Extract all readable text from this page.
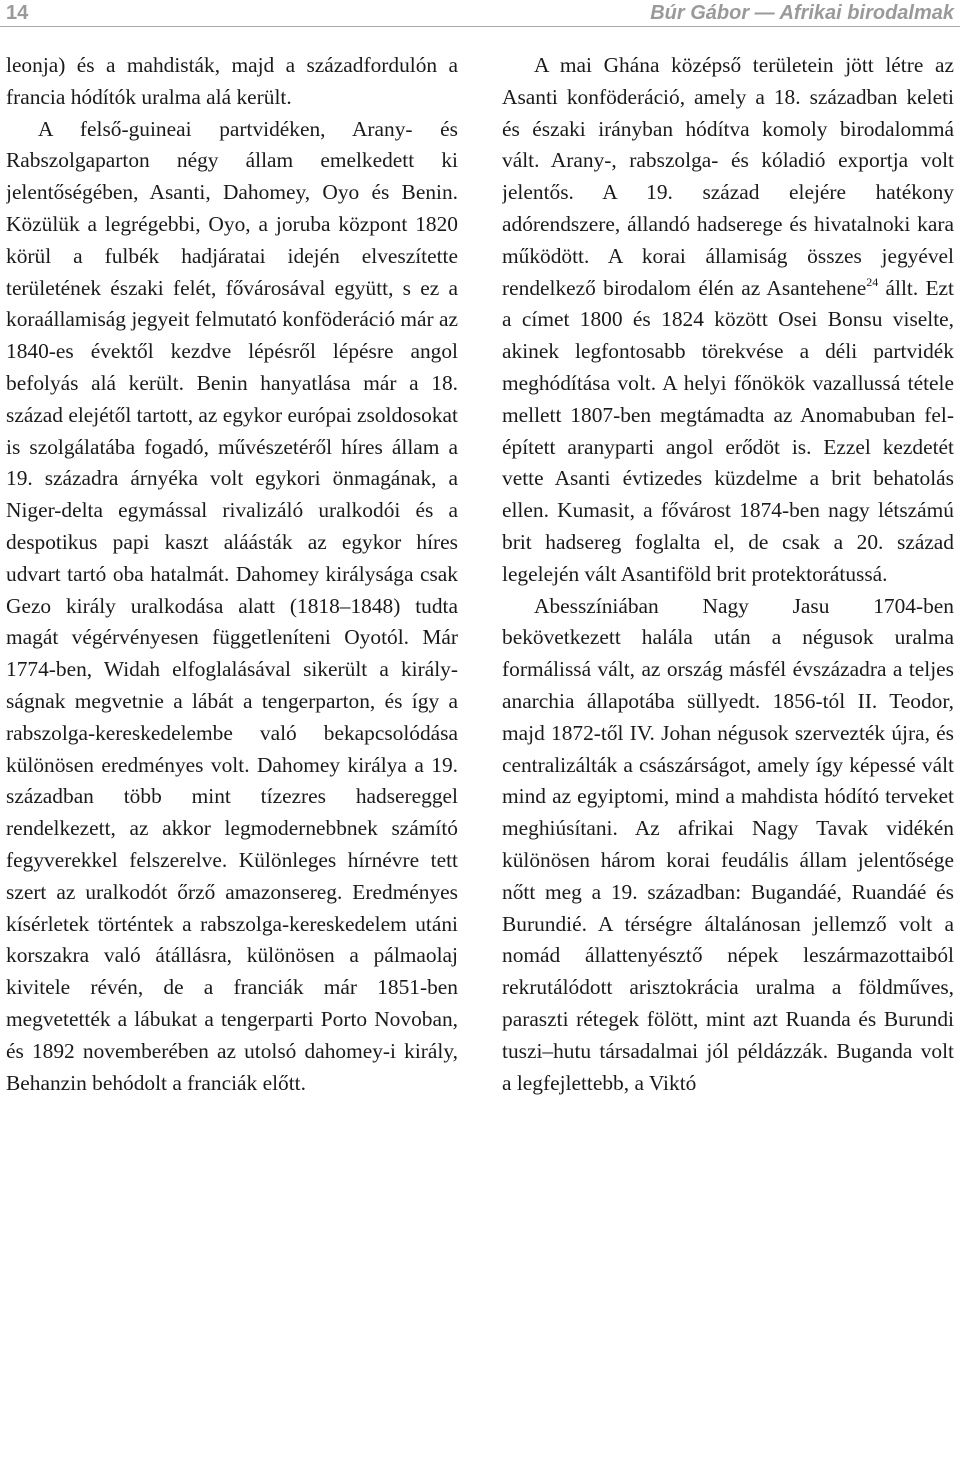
14	Búr Gábor — Afrikai birodalmak

leonja) és a mahdisták, majd a századfordulón a francia hódítók uralma alá került.

A felső-guineai partvidéken, Arany- és Rabszolgaparton négy állam emelkedett ki jelentőségében, Asanti, Dahomey, Oyo és Benin. Közülük a legrégebbi, Oyo, a joruba központ 1820 körül a fulbék hadjáratai idején elveszítette területének északi felét, fővárosával együtt, s ez a koraállamiság jegyeit felmutató konföderáció már az 1840-es évektől kezdve lépésről lépésre angol befolyás alá került. Benin hanyatlása már a 18. század elejétől tartott, az egykor európai zsoldosokat is szolgálatába fogadó, művészetéről híres állam a 19. századra árnyéka volt egykori önmagának, a Niger-delta egymással rivalizáló uralkodói és a despotikus papi kaszt aláásták az egykor híres udvart tartó oba hatalmát. Dahomey királysága csak Gezo király uralkodása alatt (1818–1848) tudta magát végérvényesen függetleníteni Oyotól. Már 1774-ben, Widah elfoglalásával sikerült a királyságnak megvetnie a lábát a tengerparton, és így a rabszolga-kereskedelembe való bekapcsolódása különösen eredményes volt. Dahomey királya a 19. században több mint tízezres hadsereggel rendelkezett, az akkor legmodernebbnek számító fegyverekkel felszerelve. Különleges hírnévre tett szert az uralkodót őrző amazonsereg. Eredményes kísérletek történtek a rabszolga-kereskedelem utáni korszakra való átállásra, különösen a pálmaolaj kivitele révén, de a franciák már 1851-ben megvetették a lábukat a tengerparti Porto Novoban, és 1892 novemberében az utolsó dahomey-i király, Behanzin behódolt a franciák előtt.

A mai Ghána középső területein jött létre az Asanti konföderáció, amely a 18. században keleti és északi irányban hódítva komoly birodalommá vált. Arany-, rabszolga- és kóladió exportja volt jelentős. A 19. század elejére hatékony adórendszere, állandó hadserege és hivatalnoki kara működött. A korai államiság összes jegyével rendelkező birodalom élén az Asantehene$^{24}$ állt. Ezt a címet 1800 és 1824 között Osei Bonsu viselte, akinek legfontosabb törekvése a déli partvidék meghódítása volt. A helyi főnökök vazallussá tétele mellett 1807-ben megtámadta az Anomabuban felépített aranyparti angol erődöt is. Ezzel kezdetét vette Asanti évtizedes küzdelme a brit behatolás ellen. Kumasit, a fővárost 1874-ben nagy létszámú brit hadsereg foglalta el, de csak a 20. század legelején vált Asantiföld brit protektorátussá.

Abesszíniában Nagy Jasu 1704-ben bekövetkezett halála után a négusok uralma formálissá vált, az ország másfél évszázadra a teljes anarchia állapotába süllyedt. 1856-tól II. Teodor, majd 1872-től IV. Johan négusok szervezték újra, és centralizálták a császárságot, amely így képessé vált mind az egyiptomi, mind a mahdista hódító terveket meghiúsítani. Az afrikai Nagy Tavak vidékén különösen három korai feudális állam jelentősége nőtt meg a 19. században: Bugandáé, Ruandáé és Burundié. A térségre általánosan jellemző volt a nomád állattenyésztő népek leszármazottaiból rekrutálódott arisztokrácia uralma a földműves, paraszti rétegek fölött, mint azt Ruanda és Burundi tuszi–hutu társadalmai jól példázzák. Buganda volt a legfejlettebb, a Viktó
